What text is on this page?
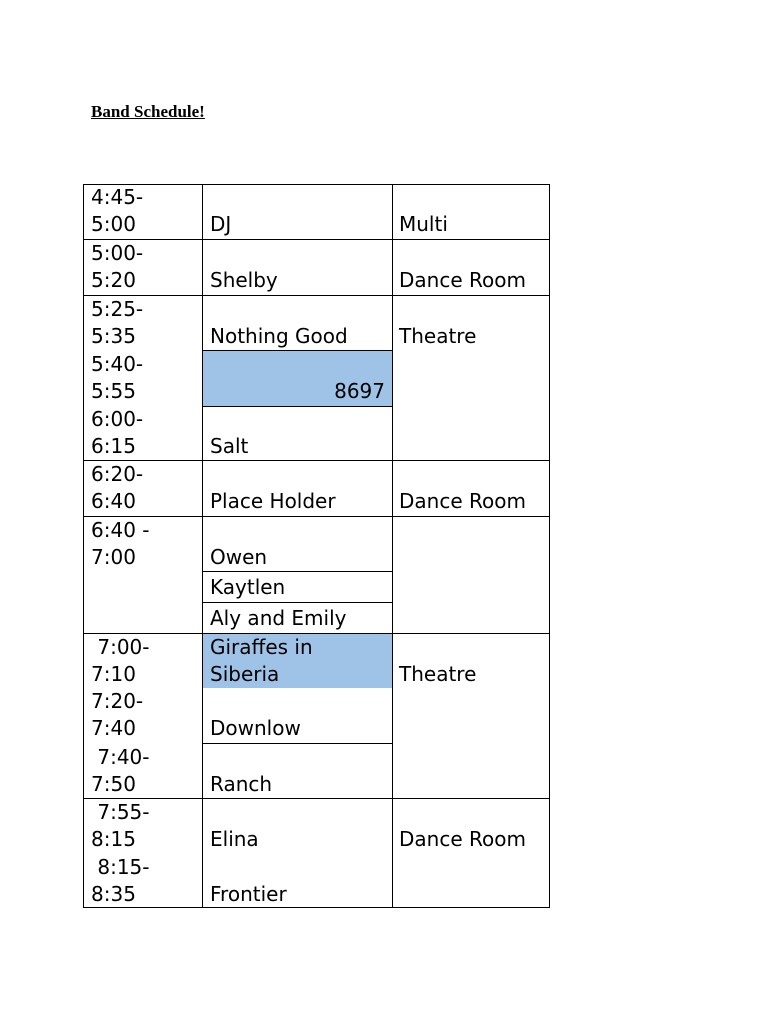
Band Schedule!
4:45-
5:00
5:00-
5:20
5:25-
5:35
5:40-
5:55
6:00-
6:15
6:20-
6:40
6:40 -
7:00
7:00-
7:10
7:20-
7:40
7:40-
7:50
7:55-
8:15
8:15-
8:35
DJ
Shelby
Nothing Good
8697
Salt
Place Holder
Owen
Kaytlen
Aly and Emily
Giraffes in
Siberia
Downlow
Ranch
Elina
Frontier
Multi
Dance Room
Theatre
Dance Room
Theatre
Dance Room
